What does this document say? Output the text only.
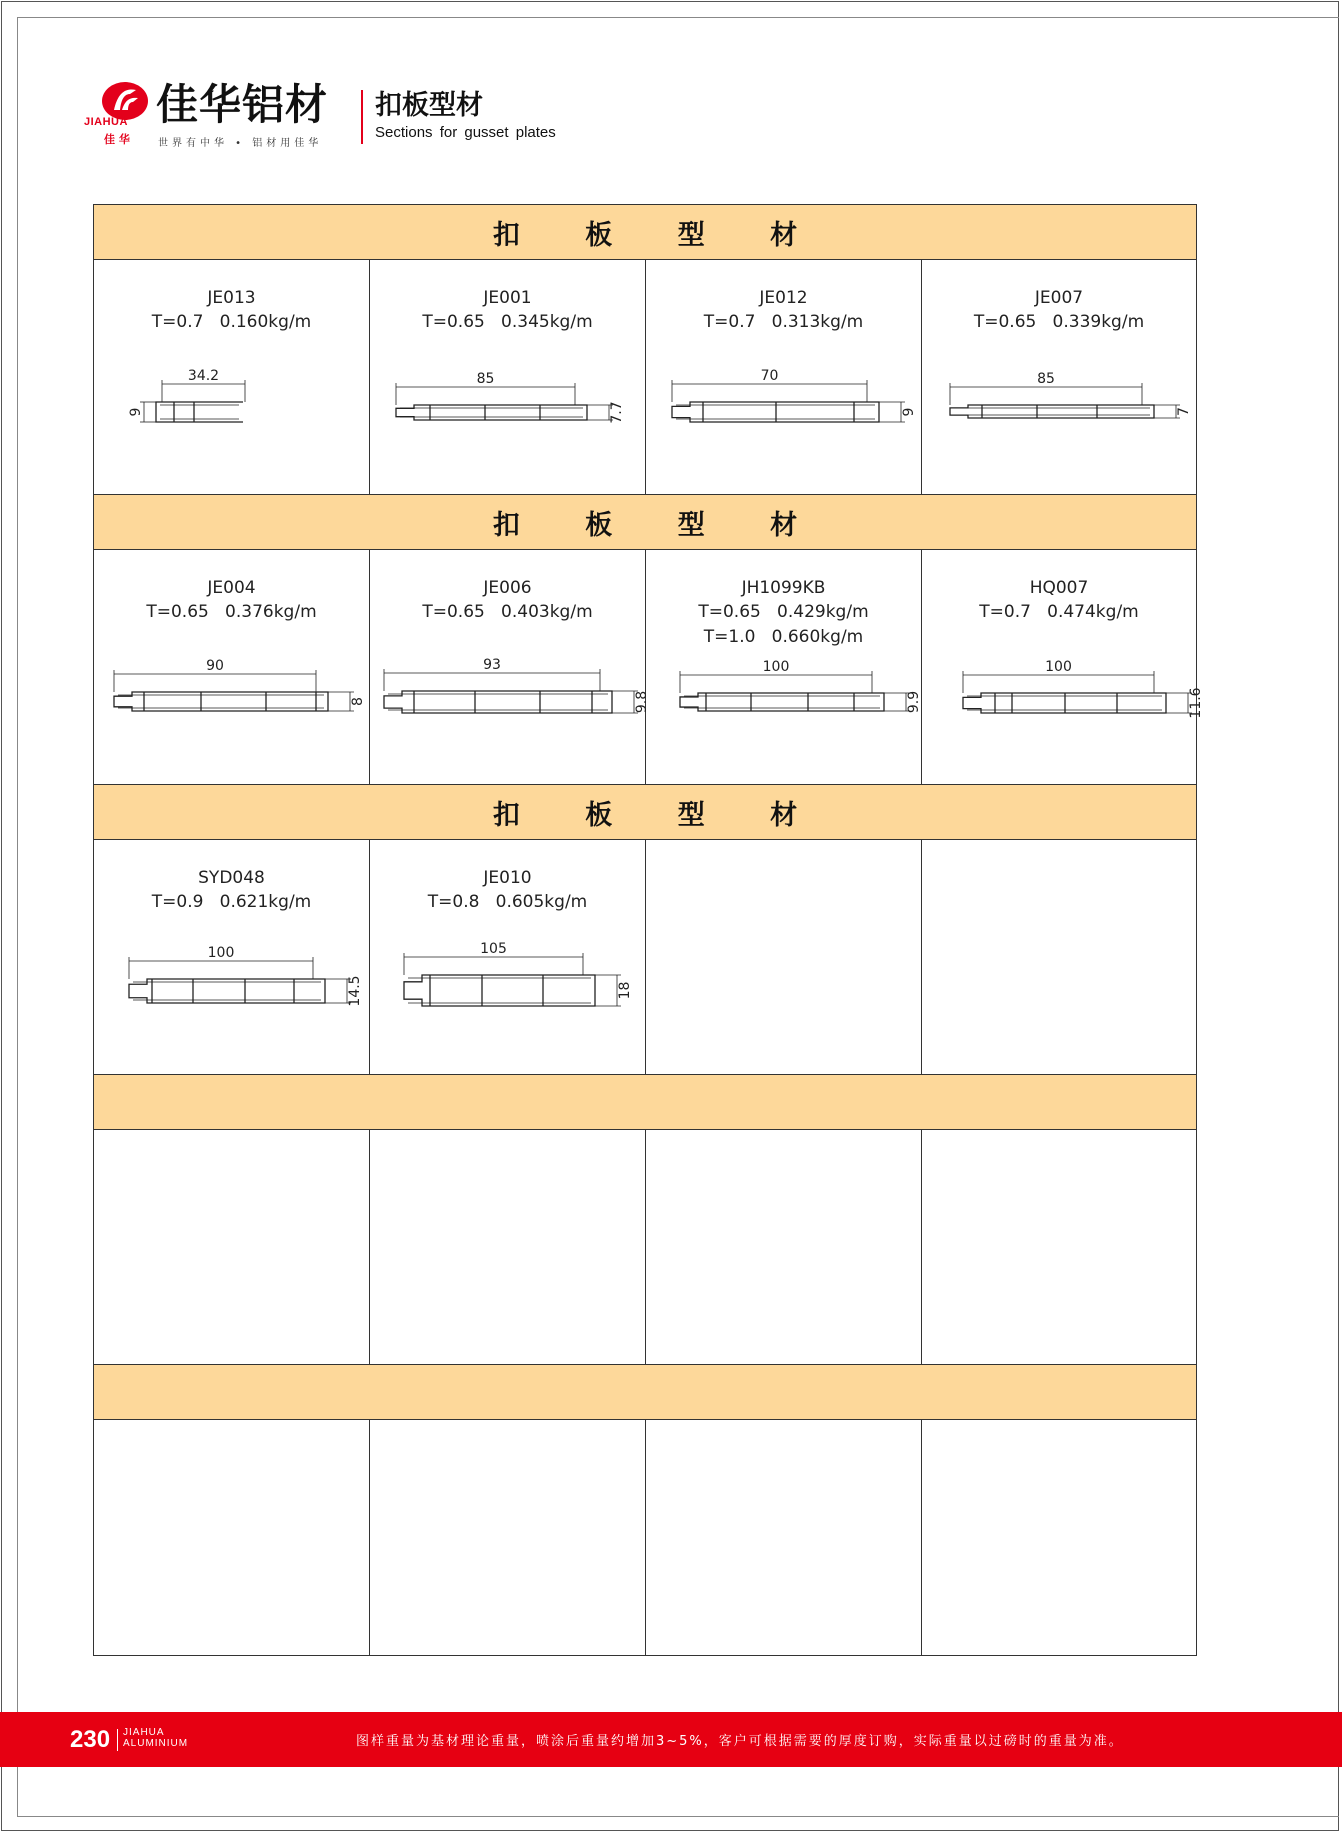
JIAHUA
佳 华
佳华铝材
世界有中华 • 铝材用佳华
扣板型材
Sections for gusset plates
扣 板 型 材
JE013
T=0.7   0.160kg/m
34.2
9
JE001
T=0.65   0.345kg/m
85
7.7
JE012
T=0.7   0.313kg/m
70
9
JE007
T=0.65   0.339kg/m
85
7
扣 板 型 材
JE004
T=0.65   0.376kg/m
90
8
JE006
T=0.65   0.403kg/m
93
9.8
JH1099KB
T=0.65   0.429kg/m
T=1.0   0.660kg/m
100
9.9
HQ007
T=0.7   0.474kg/m
100
11.6
扣 板 型 材
SYD048
T=0.9   0.621kg/m
100
14.5
JE010
T=0.8   0.605kg/m
105
18
230 JIAHUA
ALUMINIUM	图样重量为基材理论重量，喷涂后重量约增加3~5%，客户可根据需要的厚度订购，实际重量以过磅时的重量为准。
